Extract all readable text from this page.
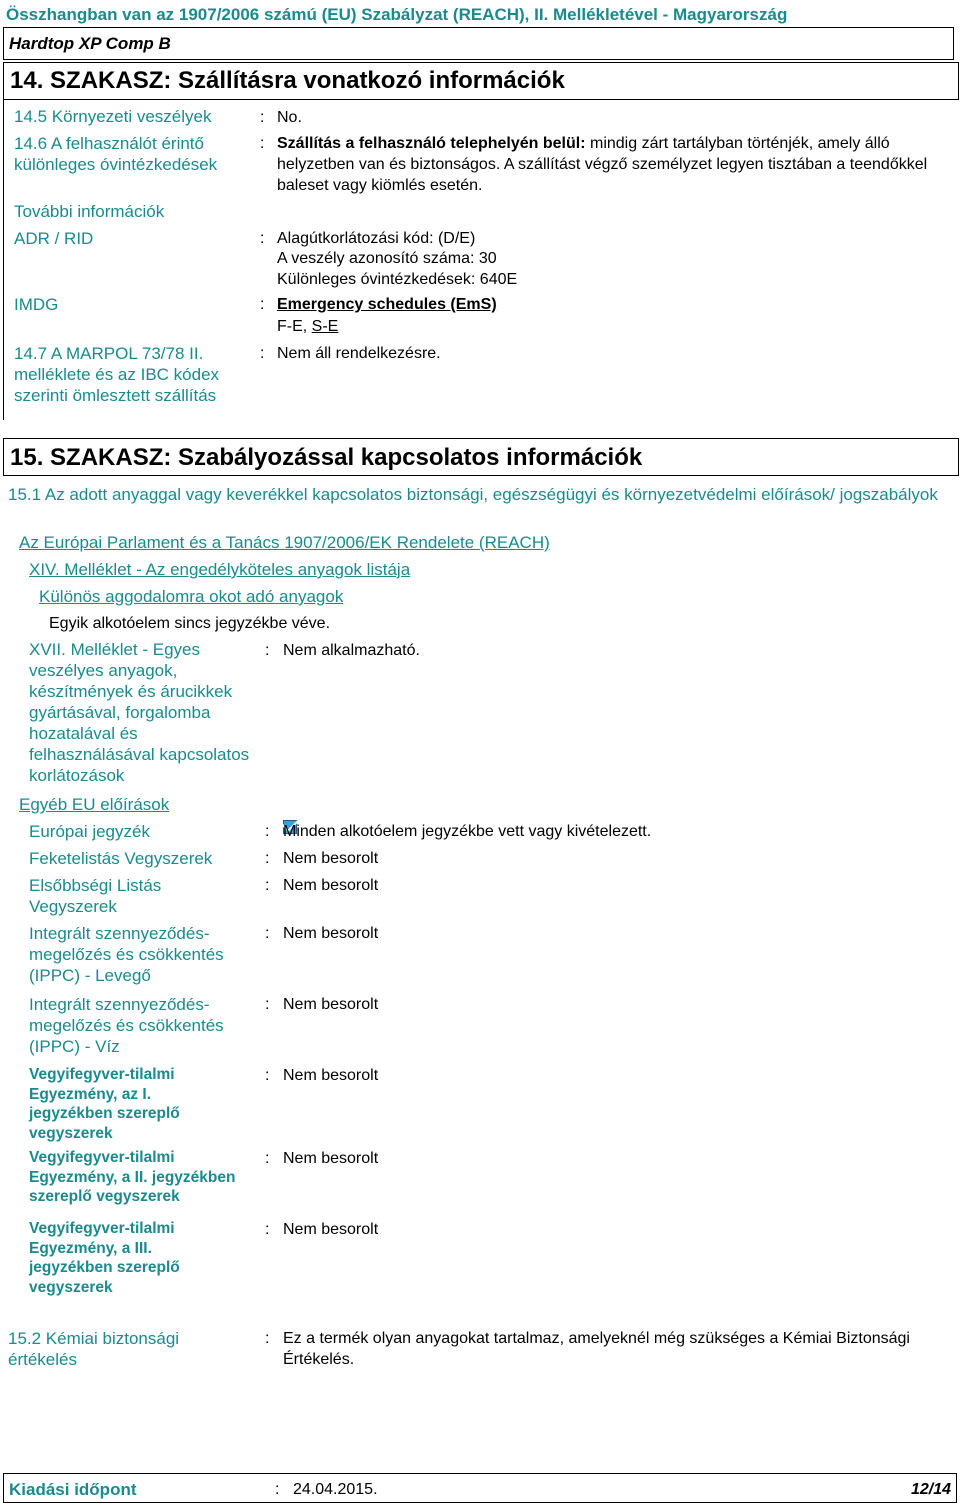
Összhangban van az 1907/2006 számú (EU) Szabályzat (REACH), II. Mellékletével - Magyarország
Hardtop XP Comp B
14. SZAKASZ: Szállításra vonatkozó információk
14.5 Környezeti veszélyek	: No.
14.6 A felhasználót érintő különleges óvintézkedések
: Szállítás a felhasználó telephelyén belül: mindig zárt tartályban történjék, amely álló helyzetben van és biztonságos. A szállítást végző személyzet legyen tisztában a teendőkkel baleset vagy kiömlés esetén.
További információk
ADR / RID	: Alagútkorlátozási kód: (D/E)
A veszély azonosító száma: 30
Különleges óvintézkedések: 640E
IMDG	: Emergency schedules (EmS)
F-E, S-E
14.7 A MARPOL 73/78 II. melléklete és az IBC kódex szerinti ömlesztett szállítás
: Nem áll rendelkezésre.
15. SZAKASZ: Szabályozással kapcsolatos információk
15.1 Az adott anyaggal vagy keverékkel kapcsolatos biztonsági, egészségügyi és környezetvédelmi előírások/ jogszabályok
Az Európai Parlament és a Tanács 1907/2006/EK Rendelete (REACH)
XIV. Melléklet - Az engedélyköteles anyagok listája
Különös aggodalomra okot adó anyagok
Egyik alkotóelem sincs jegyzékbe véve.
XVII. Melléklet - Egyes veszélyes anyagok, készítmények és árucikkek gyártásával, forgalomba hozatalával és felhasználásával kapcsolatos korlátozások
: Nem alkalmazható.
Egyéb EU előírások
Európai jegyzék	: Minden alkotóelem jegyzékbe vett vagy kivételezett.
Feketelistás Vegyszerek	: Nem besorolt
Elsőbbségi Listás Vegyszerek
: Nem besorolt
Integrált szennyeződés-megelőzés és csökkentés (IPPC) - Levegő
: Nem besorolt
Integrált szennyeződés-megelőzés és csökkentés (IPPC) - Víz
: Nem besorolt
Vegyifegyver-tilalmi Egyezmény, az I. jegyzékben szereplő vegyszerek
: Nem besorolt
Vegyifegyver-tilalmi Egyezmény, a II. jegyzékben szereplő vegyszerek
: Nem besorolt
Vegyifegyver-tilalmi Egyezmény, a III. jegyzékben szereplő vegyszerek
: Nem besorolt
15.2 Kémiai biztonsági értékelés
: Ez a termék olyan anyagokat tartalmaz, amelyeknél még szükséges a Kémiai Biztonsági Értékelés.
Kiadási időpont	: 24.04.2015.	12/14
